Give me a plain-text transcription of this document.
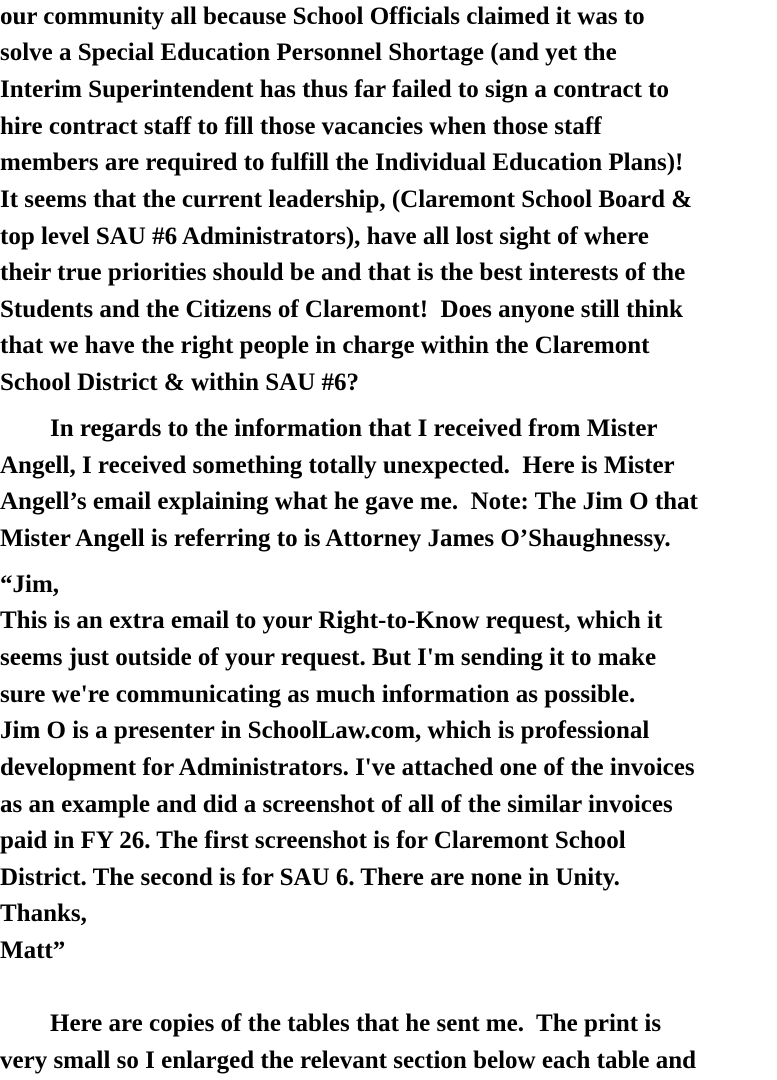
our community all because School Officials claimed it was to
solve a Special Education Personnel Shortage (and yet the
Interim Superintendent has thus far failed to sign a contract to
hire contract staff to fill those vacancies when those staff
members are required to fulfill the Individual Education Plans)!
It seems that the current leadership, (Claremont School Board &
top level SAU #6 Administrators), have all lost sight of where
their true priorities should be and that is the best interests of the
Students and the Citizens of Claremont!  Does anyone still think
that we have the right people in charge within the Claremont
School District & within SAU #6?
In regards to the information that I received from Mister
Angell, I received something totally unexpected.  Here is Mister
Angell’s email explaining what he gave me.  Note: The Jim O that
Mister Angell is referring to is Attorney James O’Shaughnessy.
“Jim,
This is an extra email to your Right-to-Know request, which it
seems just outside of your request. But I'm sending it to make
sure we're communicating as much information as possible.
Jim O is a presenter in SchoolLaw.com, which is professional
development for Administrators. I've attached one of the invoices
as an example and did a screenshot of all of the similar invoices
paid in FY 26. The first screenshot is for Claremont School
District. The second is for SAU 6. There are none in Unity.
Thanks,
Matt”
Here are copies of the tables that he sent me.  The print is
very small so I enlarged the relevant section below each table and
